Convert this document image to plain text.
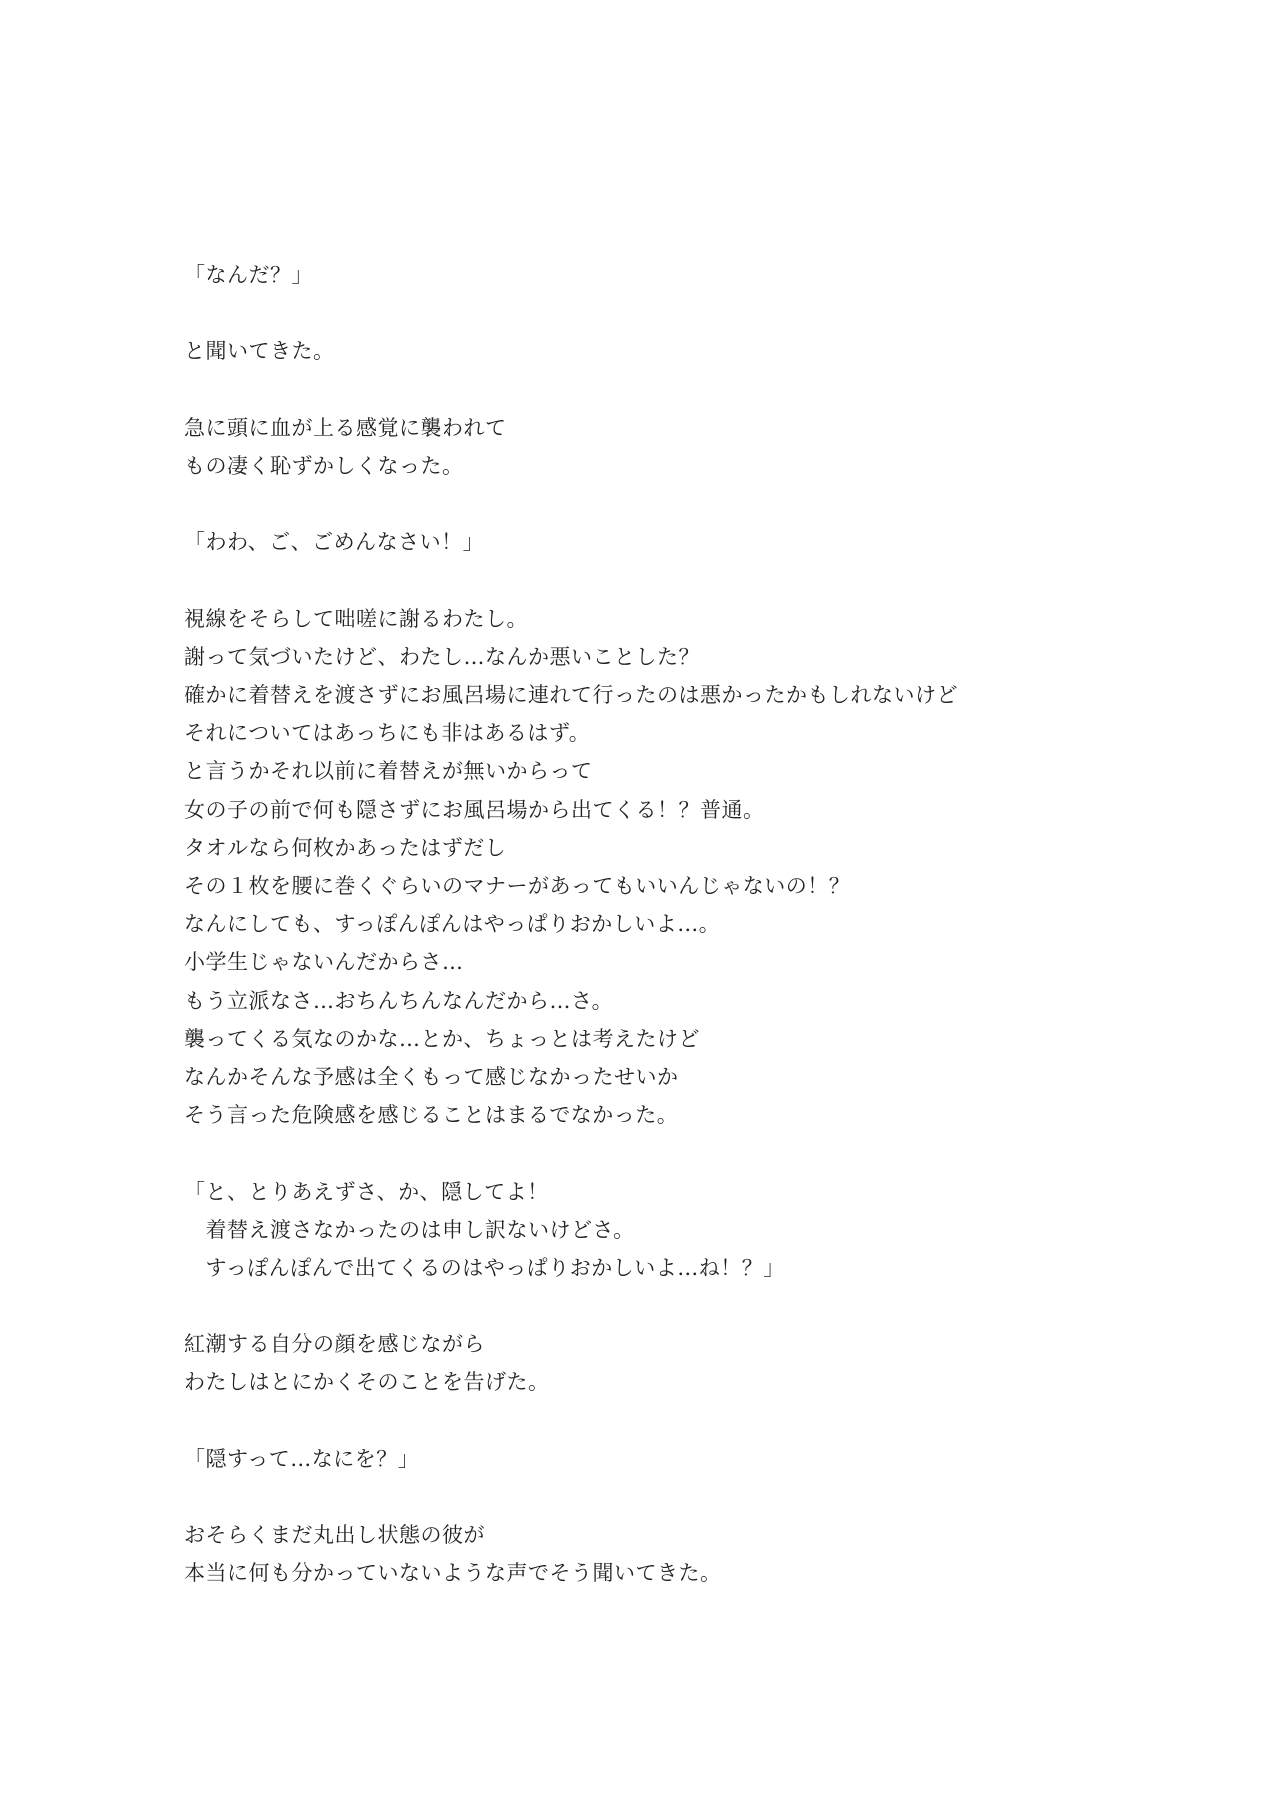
「なんだ？」

と聞いてきた。

急に頭に血が上る感覚に襲われて

もの凄く恥ずかしくなった。

「わわ、ご、ごめんなさい！」

視線をそらして咄嗟に謝るわたし。

謝って気づいたけど、わたし…なんか悪いことした？

確かに着替えを渡さずにお風呂場に連れて行ったのは悪かったかもしれないけど

それについてはあっちにも非はあるはず。

と言うかそれ以前に着替えが無いからって

女の子の前で何も隠さずにお風呂場から出てくる！？普通。

タオルなら何枚かあったはずだし

その１枚を腰に巻くぐらいのマナーがあってもいいんじゃないの！？

なんにしても、すっぽんぽんはやっぱりおかしいよ…。

小学生じゃないんだからさ…

もう立派なさ…おちんちんなんだから…さ。

襲ってくる気なのかな…とか、ちょっとは考えたけど

なんかそんな予感は全くもって感じなかったせいか

そう言った危険感を感じることはまるでなかった。

「と、とりあえずさ、か、隠してよ！

　着替え渡さなかったのは申し訳ないけどさ。

　すっぽんぽんで出てくるのはやっぱりおかしいよ…ね！？」

紅潮する自分の顔を感じながら

わたしはとにかくそのことを告げた。

「隠すって…なにを？」

おそらくまだ丸出し状態の彼が

本当に何も分かっていないような声でそう聞いてきた。
